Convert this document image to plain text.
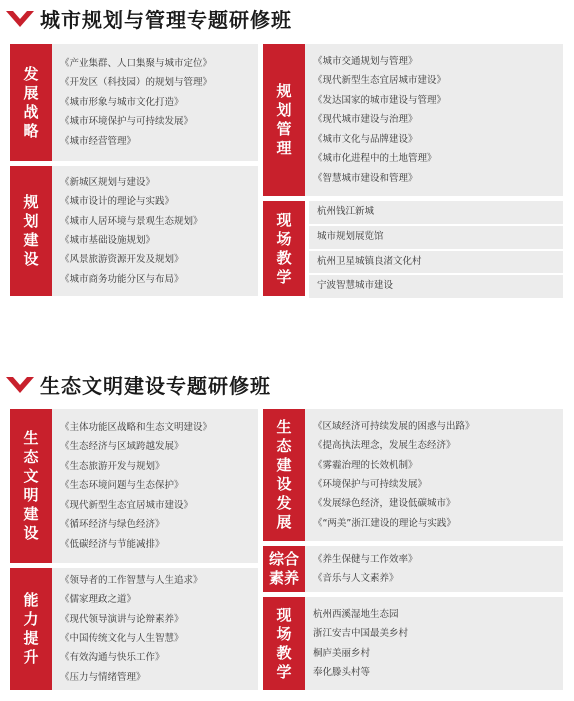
城市规划与管理专题研修班
发
展
战
略
《产业集群、人口集聚与城市定位》
《开发区（科技园）的规划与管理》
《城市形象与城市文化打造》
《城市环境保护与可持续发展》
《城市经营管理》
规
划
建
设
《新城区规划与建设》
《城市设计的理论与实践》
《城市人居环境与景观生态规划》
《城市基础设施规划》
《风景旅游资源开发及规划》
《城市商务功能分区与布局》
规
划
管
理
《城市交通规划与管理》
《现代新型生态宜居城市建设》
《发达国家的城市建设与管理》
《现代城市建设与治理》
《城市文化与品牌建设》
《城市化进程中的土地管理》
《智慧城市建设和管理》
现
场
教
学
杭州钱江新城
城市规划展览馆
杭州卫星城镇良渚文化村
宁波智慧城市建设
生态文明建设专题研修班
生
态
文
明
建
设
《主体功能区战略和生态文明建设》
《生态经济与区域跨越发展》
《生态旅游开发与规划》
《生态环境问题与生态保护》
《现代新型生态宜居城市建设》
《循环经济与绿色经济》
《低碳经济与节能减排》
能
力
提
升
《领导者的工作智慧与人生追求》
《儒家理政之道》
《现代领导演讲与论辩素养》
《中国传统文化与人生智慧》
《有效沟通与快乐工作》
《压力与情绪管理》
生
态
建
设
发
展
《区域经济可持续发展的困惑与出路》
《提高执法理念，发展生态经济》
《雾霾治理的长效机制》
《环境保护与可持续发展》
《发展绿色经济，建设低碳城市》
《“两美”浙江建设的理论与实践》
综合
素养
《养生保健与工作效率》
《音乐与人文素养》
现
场
教
学
杭州西溪湿地生态园
浙江安吉中国最美乡村
桐庐美丽乡村
奉化滕头村等
